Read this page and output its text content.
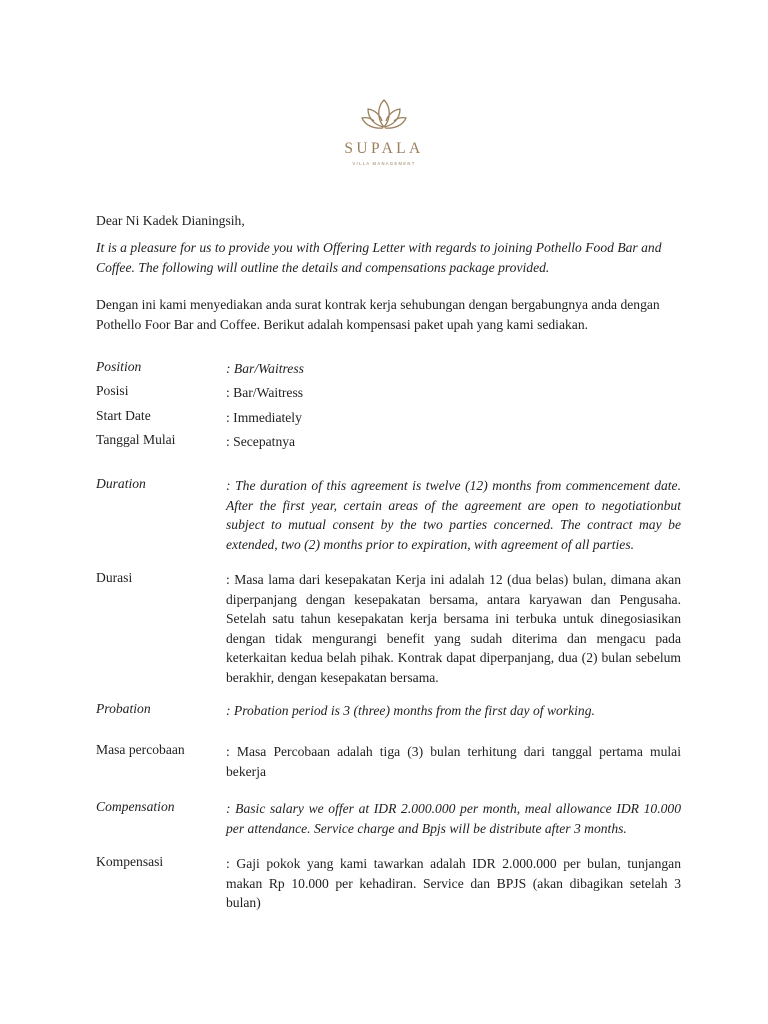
SUPALA
VILLA MANAGEMENT
Dear Ni Kadek Dianingsih,
It is a pleasure for us to provide you with Offering Letter with regards to joining Pothello Food Bar and Coffee. The following will outline the details and compensations package provided.
Dengan ini kami menyediakan anda surat kontrak kerja sehubungan dengan bergabungnya anda dengan Pothello Foor Bar and Coffee. Berikut adalah kompensasi paket upah yang kami sediakan.
Position	: Bar/Waitress
Posisi	: Bar/Waitress
Start Date	: Immediately
Tanggal Mulai	: Secepatnya
Duration	: The duration of this agreement is twelve (12) months from commencement date. After the first year, certain areas of the agreement are open to negotiationbut subject to mutual consent by the two parties concerned. The contract may be extended, two (2) months prior to expiration, with agreement of all parties.
Durasi	: Masa lama dari kesepakatan Kerja ini adalah 12 (dua belas) bulan, dimana akan diperpanjang dengan kesepakatan bersama, antara karyawan dan Pengusaha. Setelah satu tahun kesepakatan kerja bersama ini terbuka untuk dinegosiasikan dengan tidak mengurangi benefit yang sudah diterima dan mengacu pada keterkaitan kedua belah pihak. Kontrak dapat diperpanjang, dua (2) bulan sebelum berakhir, dengan kesepakatan bersama.
Probation	: Probation period is 3 (three) months from the first day of working.
Masa percobaan	: Masa Percobaan adalah tiga (3) bulan terhitung dari tanggal pertama mulai bekerja
Compensation	: Basic salary we offer at IDR 2.000.000 per month, meal allowance IDR 10.000 per attendance. Service charge and Bpjs will be distribute after 3 months.
Kompensasi	: Gaji pokok yang kami tawarkan adalah IDR 2.000.000 per bulan, tunjangan makan Rp 10.000 per kehadiran. Service dan BPJS (akan dibagikan setelah 3 bulan)
